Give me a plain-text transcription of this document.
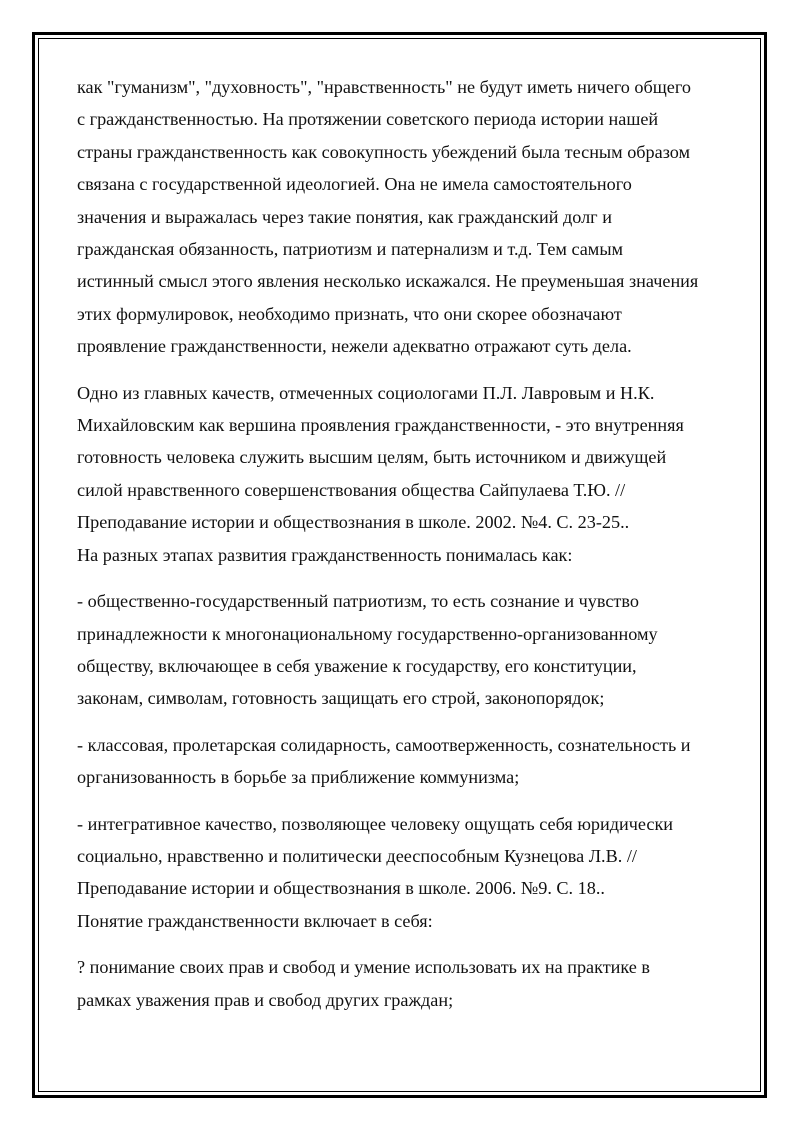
как "гуманизм", "духовность", "нравственность" не будут иметь ничего общего
с гражданственностью. На протяжении советского периода истории нашей
страны гражданственность как совокупность убеждений была тесным образом
связана с государственной идеологией. Она не имела самостоятельного
значения и выражалась через такие понятия, как гражданский долг и
гражданская обязанность, патриотизм и патернализм и т.д. Тем самым
истинный смысл этого явления несколько искажался. Не преуменьшая значения
этих формулировок, необходимо признать, что они скорее обозначают
проявление гражданственности, нежели адекватно отражают суть дела.

Одно из главных качеств, отмеченных социологами П.Л. Лавровым и Н.К.
Михайловским как вершина проявления гражданственности, - это внутренняя
готовность человека служить высшим целям, быть источником и движущей
силой нравственного совершенствования общества Сайпулаева Т.Ю. //
Преподавание истории и обществознания в школе. 2002. №4. С. 23-25..

На разных этапах развития гражданственность понималась как:

- общественно-государственный патриотизм, то есть сознание и чувство
принадлежности к многонациональному государственно-организованному
обществу, включающее в себя уважение к государству, его конституции,
законам, символам, готовность защищать его строй, законопорядок;

- классовая, пролетарская солидарность, самоотверженность, сознательность и
организованность в борьбе за приближение коммунизма;

- интегративное качество, позволяющее человеку ощущать себя юридически
социально, нравственно и политически дееспособным Кузнецова Л.В. //
Преподавание истории и обществознания в школе. 2006. №9. С. 18..

Понятие гражданственности включает в себя:

? понимание своих прав и свобод и умение использовать их на практике в
рамках уважения прав и свобод других граждан;
